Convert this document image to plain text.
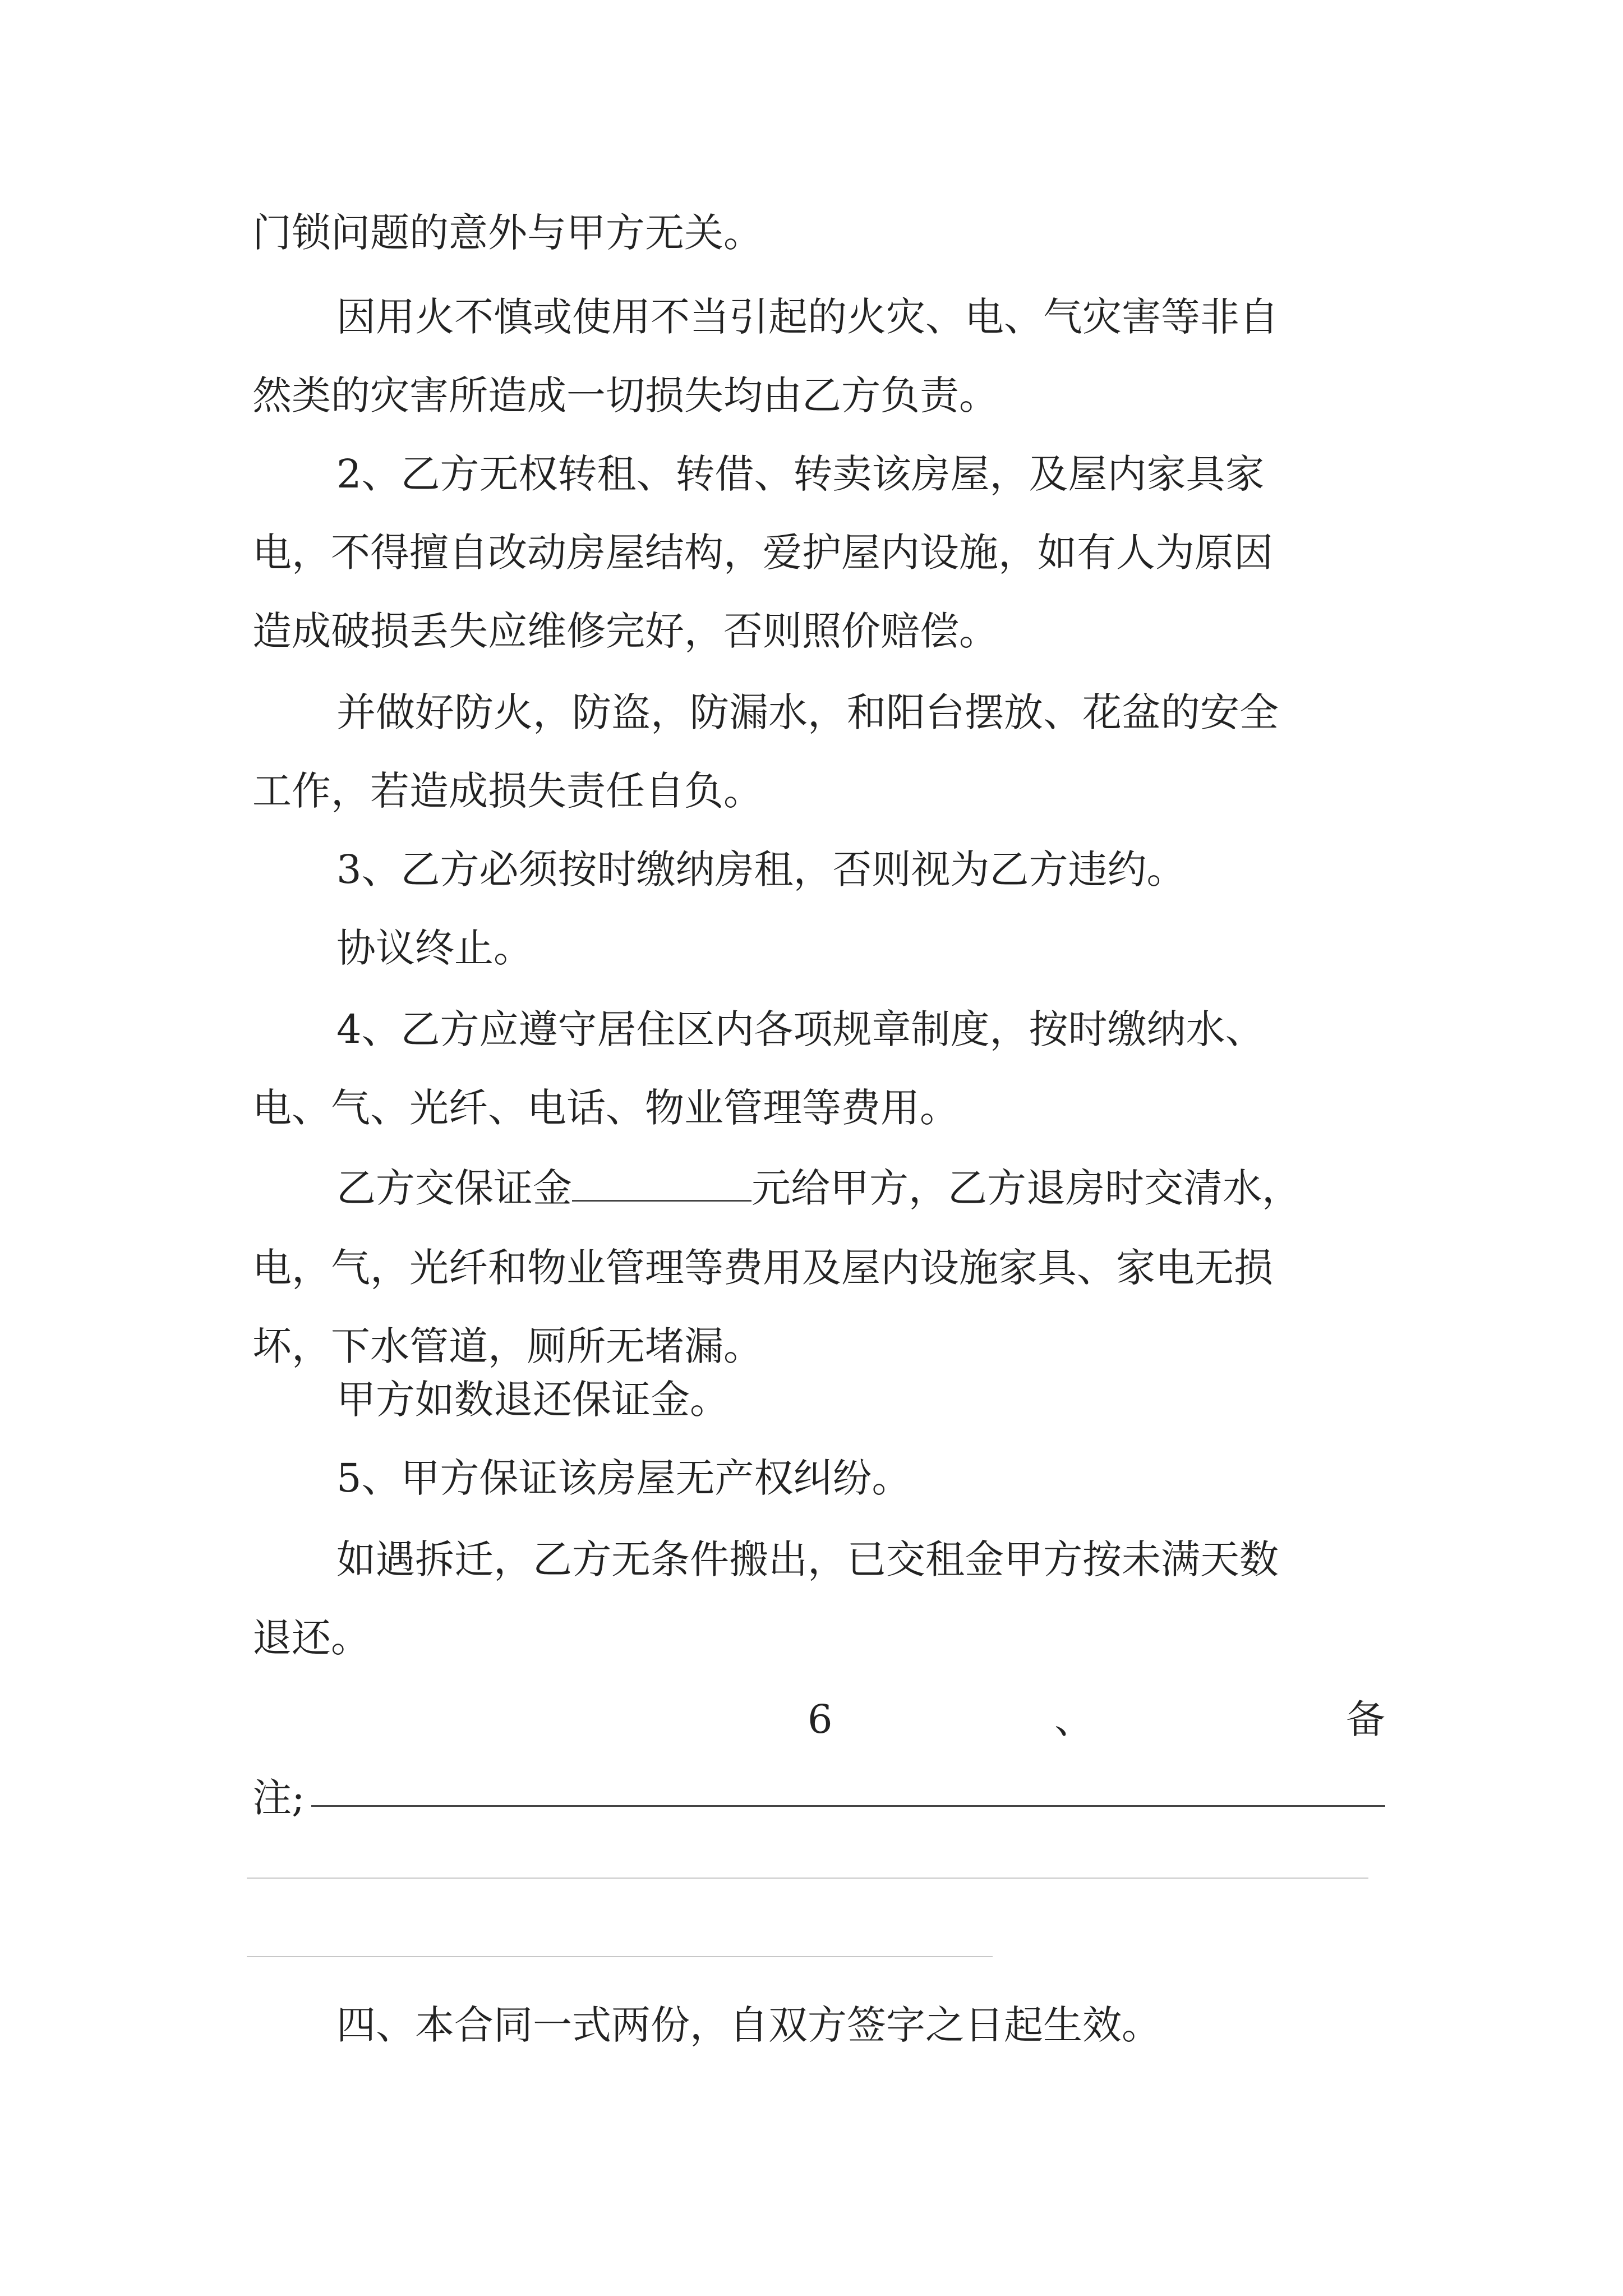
门锁问题的意外与甲方无关。

因用火不慎或使用不当引起的火灾、电、气灾害等非自

然类的灾害所造成一切损失均由乙方负责。

2、乙方无权转租、转借、转卖该房屋，及屋内家具家

电，不得擅自改动房屋结构，爱护屋内设施，如有人为原因

造成破损丢失应维修完好，否则照价赔偿。

并做好防火，防盗，防漏水，和阳台摆放、花盆的安全

工作，若造成损失责任自负。

3、乙方必须按时缴纳房租，否则视为乙方违约。

协议终止。

4、乙方应遵守居住区内各项规章制度，按时缴纳水、

电、气、光纤、电话、物业管理等费用。

乙方交保证金	元给甲方，乙方退房时交清水，

电，气，光纤和物业管理等费用及屋内设施家具、家电无损

坏，下水管道，厕所无堵漏。

甲方如数退还保证金。

5、甲方保证该房屋无产权纠纷。

如遇拆迁，乙方无条件搬出，已交租金甲方按未满天数

退还。

6	、	备

注;

四、本合同一式两份，自双方签字之日起生效。
